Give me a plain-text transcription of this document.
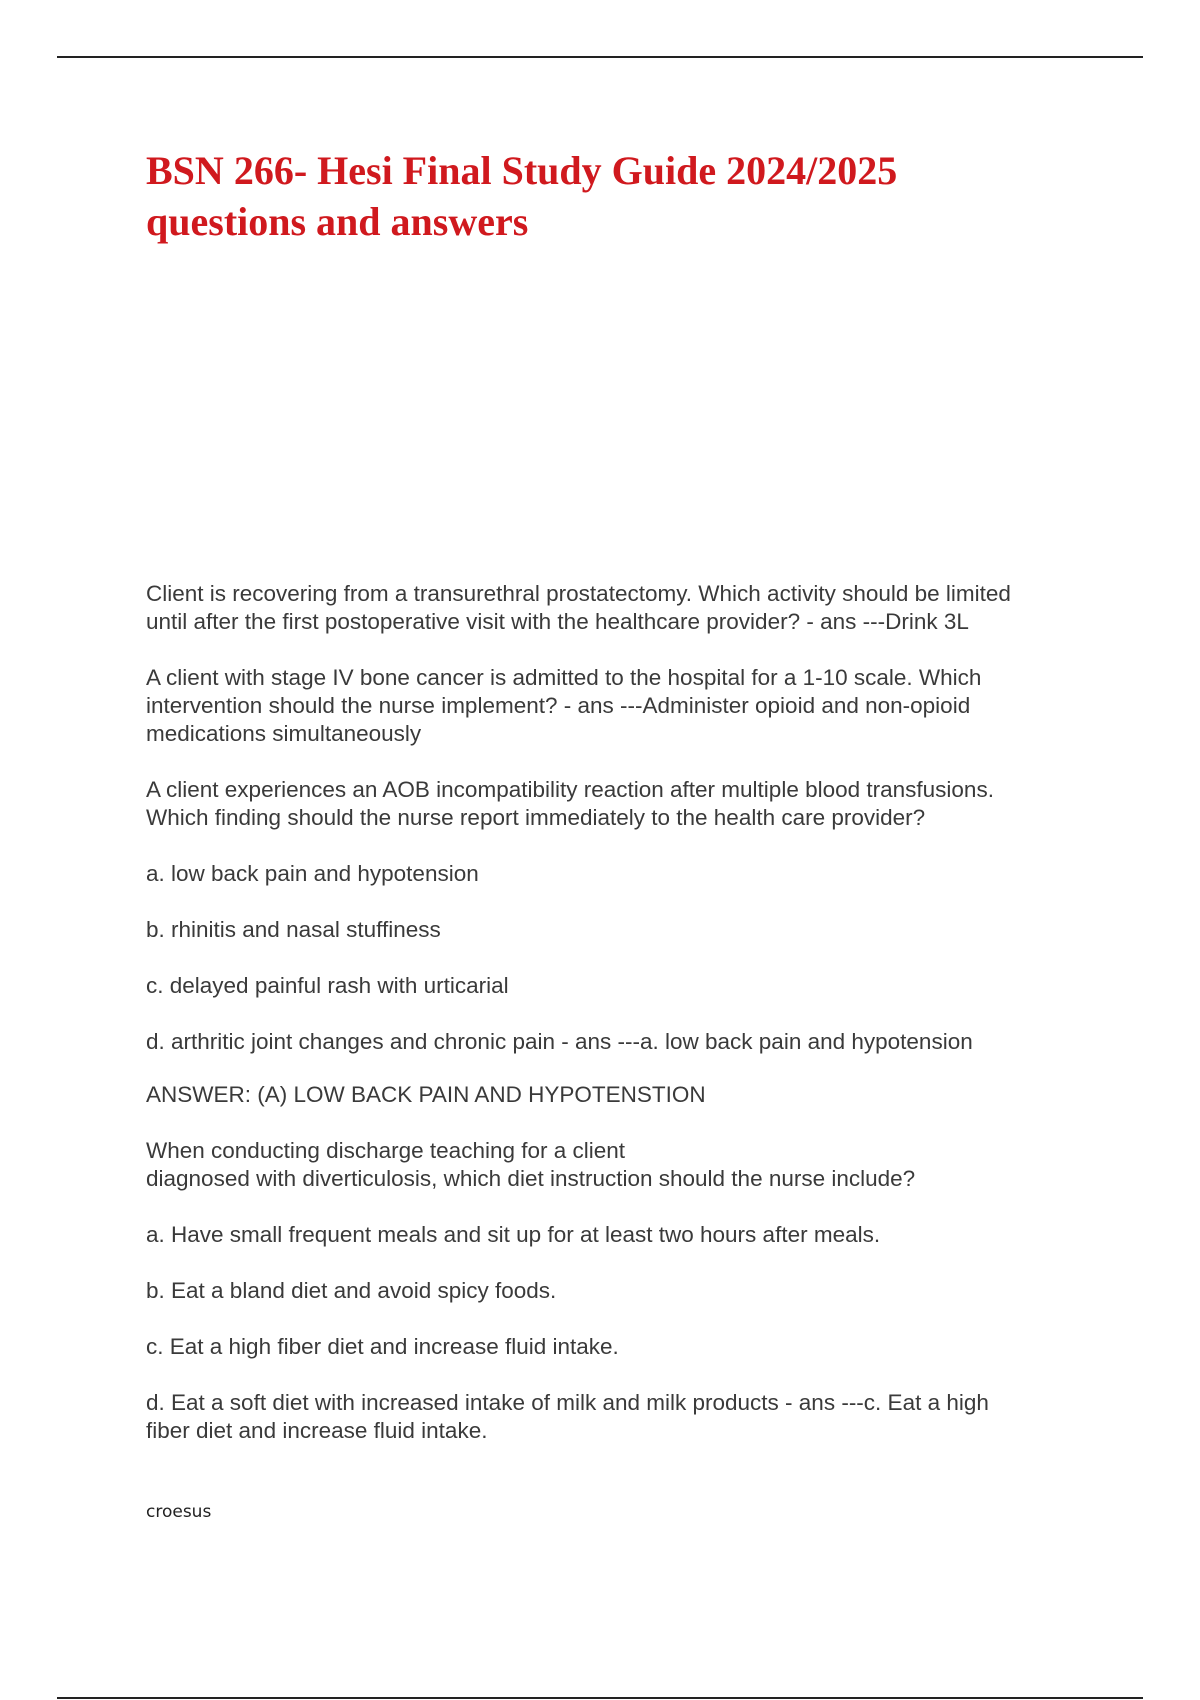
BSN 266- Hesi Final Study Guide 2024/2025
questions and answers

Client is recovering from a transurethral prostatectomy. Which activity should be limited
until after the first postoperative visit with the healthcare provider? - ans ---Drink 3L

A client with stage IV bone cancer is admitted to the hospital for a 1-10 scale. Which
intervention should the nurse implement? - ans ---Administer opioid and non-opioid
medications simultaneously

A client experiences an AOB incompatibility reaction after multiple blood transfusions.
Which finding should the nurse report immediately to the health care provider?

a. low back pain and hypotension

b. rhinitis and nasal stuffiness

c. delayed painful rash with urticarial

d. arthritic joint changes and chronic pain - ans ---a. low back pain and hypotension

ANSWER: (A) LOW BACK PAIN AND HYPOTENSTION

When conducting discharge teaching for a client
diagnosed with diverticulosis, which diet instruction should the nurse include?

a. Have small frequent meals and sit up for at least two hours after meals.

b. Eat a bland diet and avoid spicy foods.

c. Eat a high fiber diet and increase fluid intake.

d. Eat a soft diet with increased intake of milk and milk products - ans ---c. Eat a high
fiber diet and increase fluid intake.

croesus
